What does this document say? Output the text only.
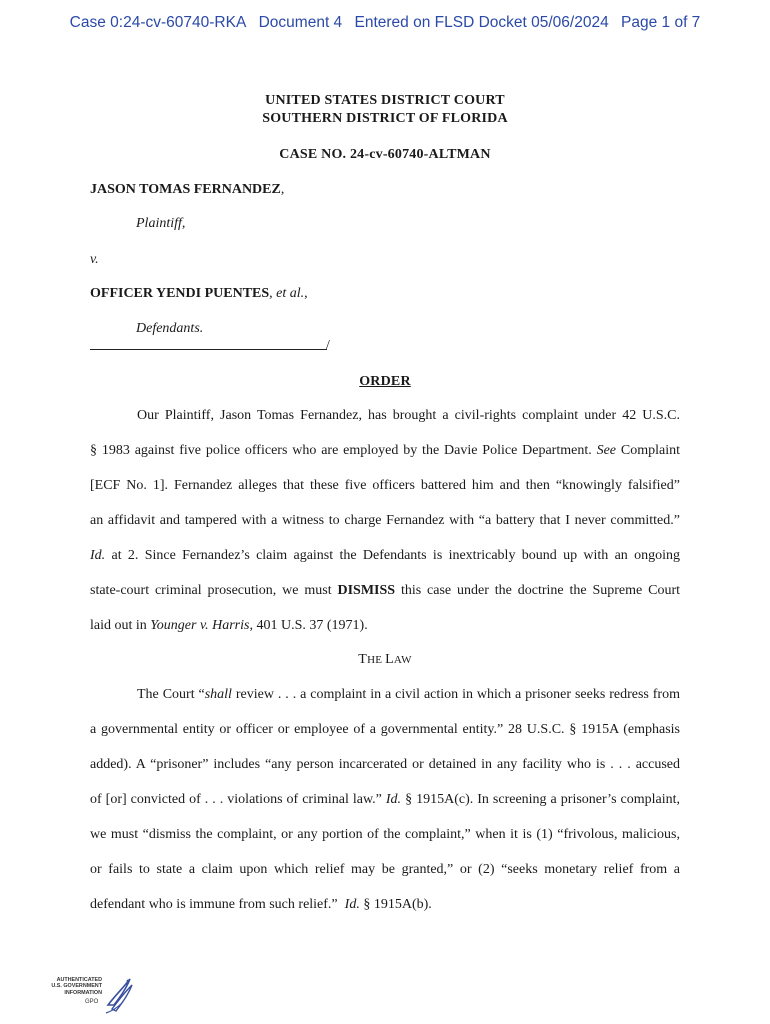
Case 0:24-cv-60740-RKA Document 4 Entered on FLSD Docket 05/06/2024 Page 1 of 7
UNITED STATES DISTRICT COURT
SOUTHERN DISTRICT OF FLORIDA
CASE NO. 24-cv-60740-ALTMAN
JASON TOMAS FERNANDEZ,
Plaintiff,
v.
OFFICER YENDI PUENTES, et al.,
Defendants.
/
ORDER
Our Plaintiff, Jason Tomas Fernandez, has brought a civil-rights complaint under 42 U.S.C.
§ 1983 against five police officers who are employed by the Davie Police Department. See Complaint
[ECF No. 1]. Fernandez alleges that these five officers battered him and then “knowingly falsified”
an affidavit and tampered with a witness to charge Fernandez with “a battery that I never committed.”
Id. at 2. Since Fernandez’s claim against the Defendants is inextricably bound up with an ongoing
state-court criminal prosecution, we must DISMISS this case under the doctrine the Supreme Court
laid out in Younger v. Harris, 401 U.S. 37 (1971).
THE LAW
The Court “shall review . . . a complaint in a civil action in which a prisoner seeks redress from
a governmental entity or officer or employee of a governmental entity.” 28 U.S.C. § 1915A (emphasis
added). A “prisoner” includes “any person incarcerated or detained in any facility who is . . . accused
of [or] convicted of . . . violations of criminal law.” Id. § 1915A(c). In screening a prisoner’s complaint,
we must “dismiss the complaint, or any portion of the complaint,” when it is (1) “frivolous, malicious,
or fails to state a claim upon which relief may be granted,” or (2) “seeks monetary relief from a
defendant who is immune from such relief.”  Id. § 1915A(b).
AUTHENTICATED
U.S. GOVERNMENT
INFORMATION
GPO
